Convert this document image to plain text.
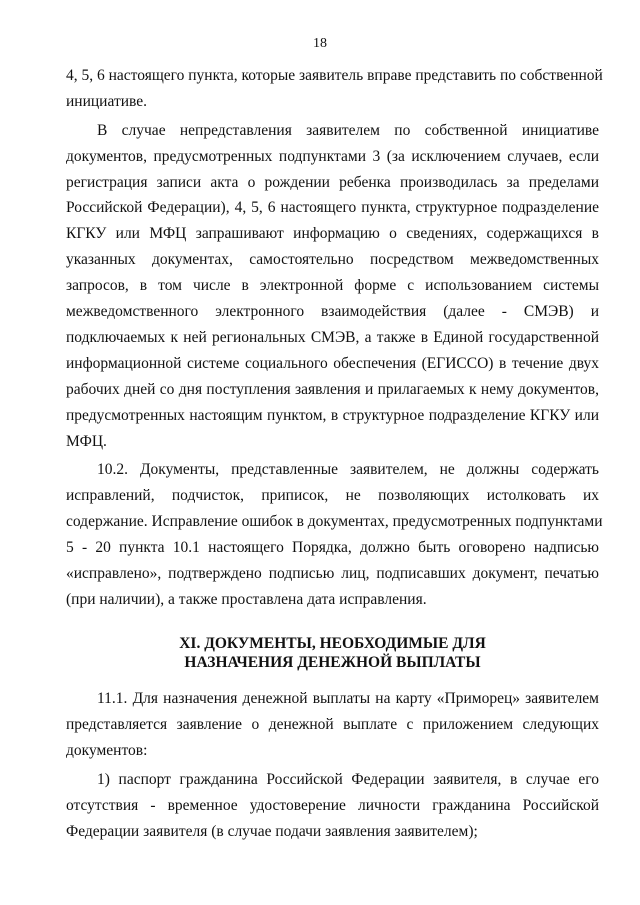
18
4, 5, 6 настоящего пункта, которые заявитель вправе представить по собственной
инициативе.
В случае непредставления заявителем по собственной инициативе
документов, предусмотренных подпунктами 3 (за исключением случаев, если
регистрация записи акта о рождении ребенка производилась за пределами
Российской Федерации), 4, 5, 6 настоящего пункта, структурное подразделение
КГКУ или МФЦ запрашивают информацию о сведениях, содержащихся в
указанных документах, самостоятельно посредством межведомственных
запросов, в том числе в электронной форме с использованием системы
межведомственного электронного взаимодействия (далее - СМЭВ) и
подключаемых к ней региональных СМЭВ, а также в Единой государственной
информационной системе социального обеспечения (ЕГИССО) в течение двух
рабочих дней со дня поступления заявления и прилагаемых к нему документов,
предусмотренных настоящим пунктом, в структурное подразделение КГКУ или
МФЦ.
10.2. Документы, представленные заявителем, не должны содержать
исправлений, подчисток, приписок, не позволяющих истолковать их
содержание. Исправление ошибок в документах, предусмотренных подпунктами
5 - 20 пункта 10.1 настоящего Порядка, должно быть оговорено надписью
«исправлено», подтверждено подписью лиц, подписавших документ, печатью
(при наличии), а также проставлена дата исправления.
XI. ДОКУМЕНТЫ, НЕОБХОДИМЫЕ ДЛЯ
НАЗНАЧЕНИЯ ДЕНЕЖНОЙ ВЫПЛАТЫ
11.1. Для назначения денежной выплаты на карту «Приморец» заявителем
представляется заявление о денежной выплате с приложением следующих
документов:
1) паспорт гражданина Российской Федерации заявителя, в случае его
отсутствия - временное удостоверение личности гражданина Российской
Федерации заявителя (в случае подачи заявления заявителем);
